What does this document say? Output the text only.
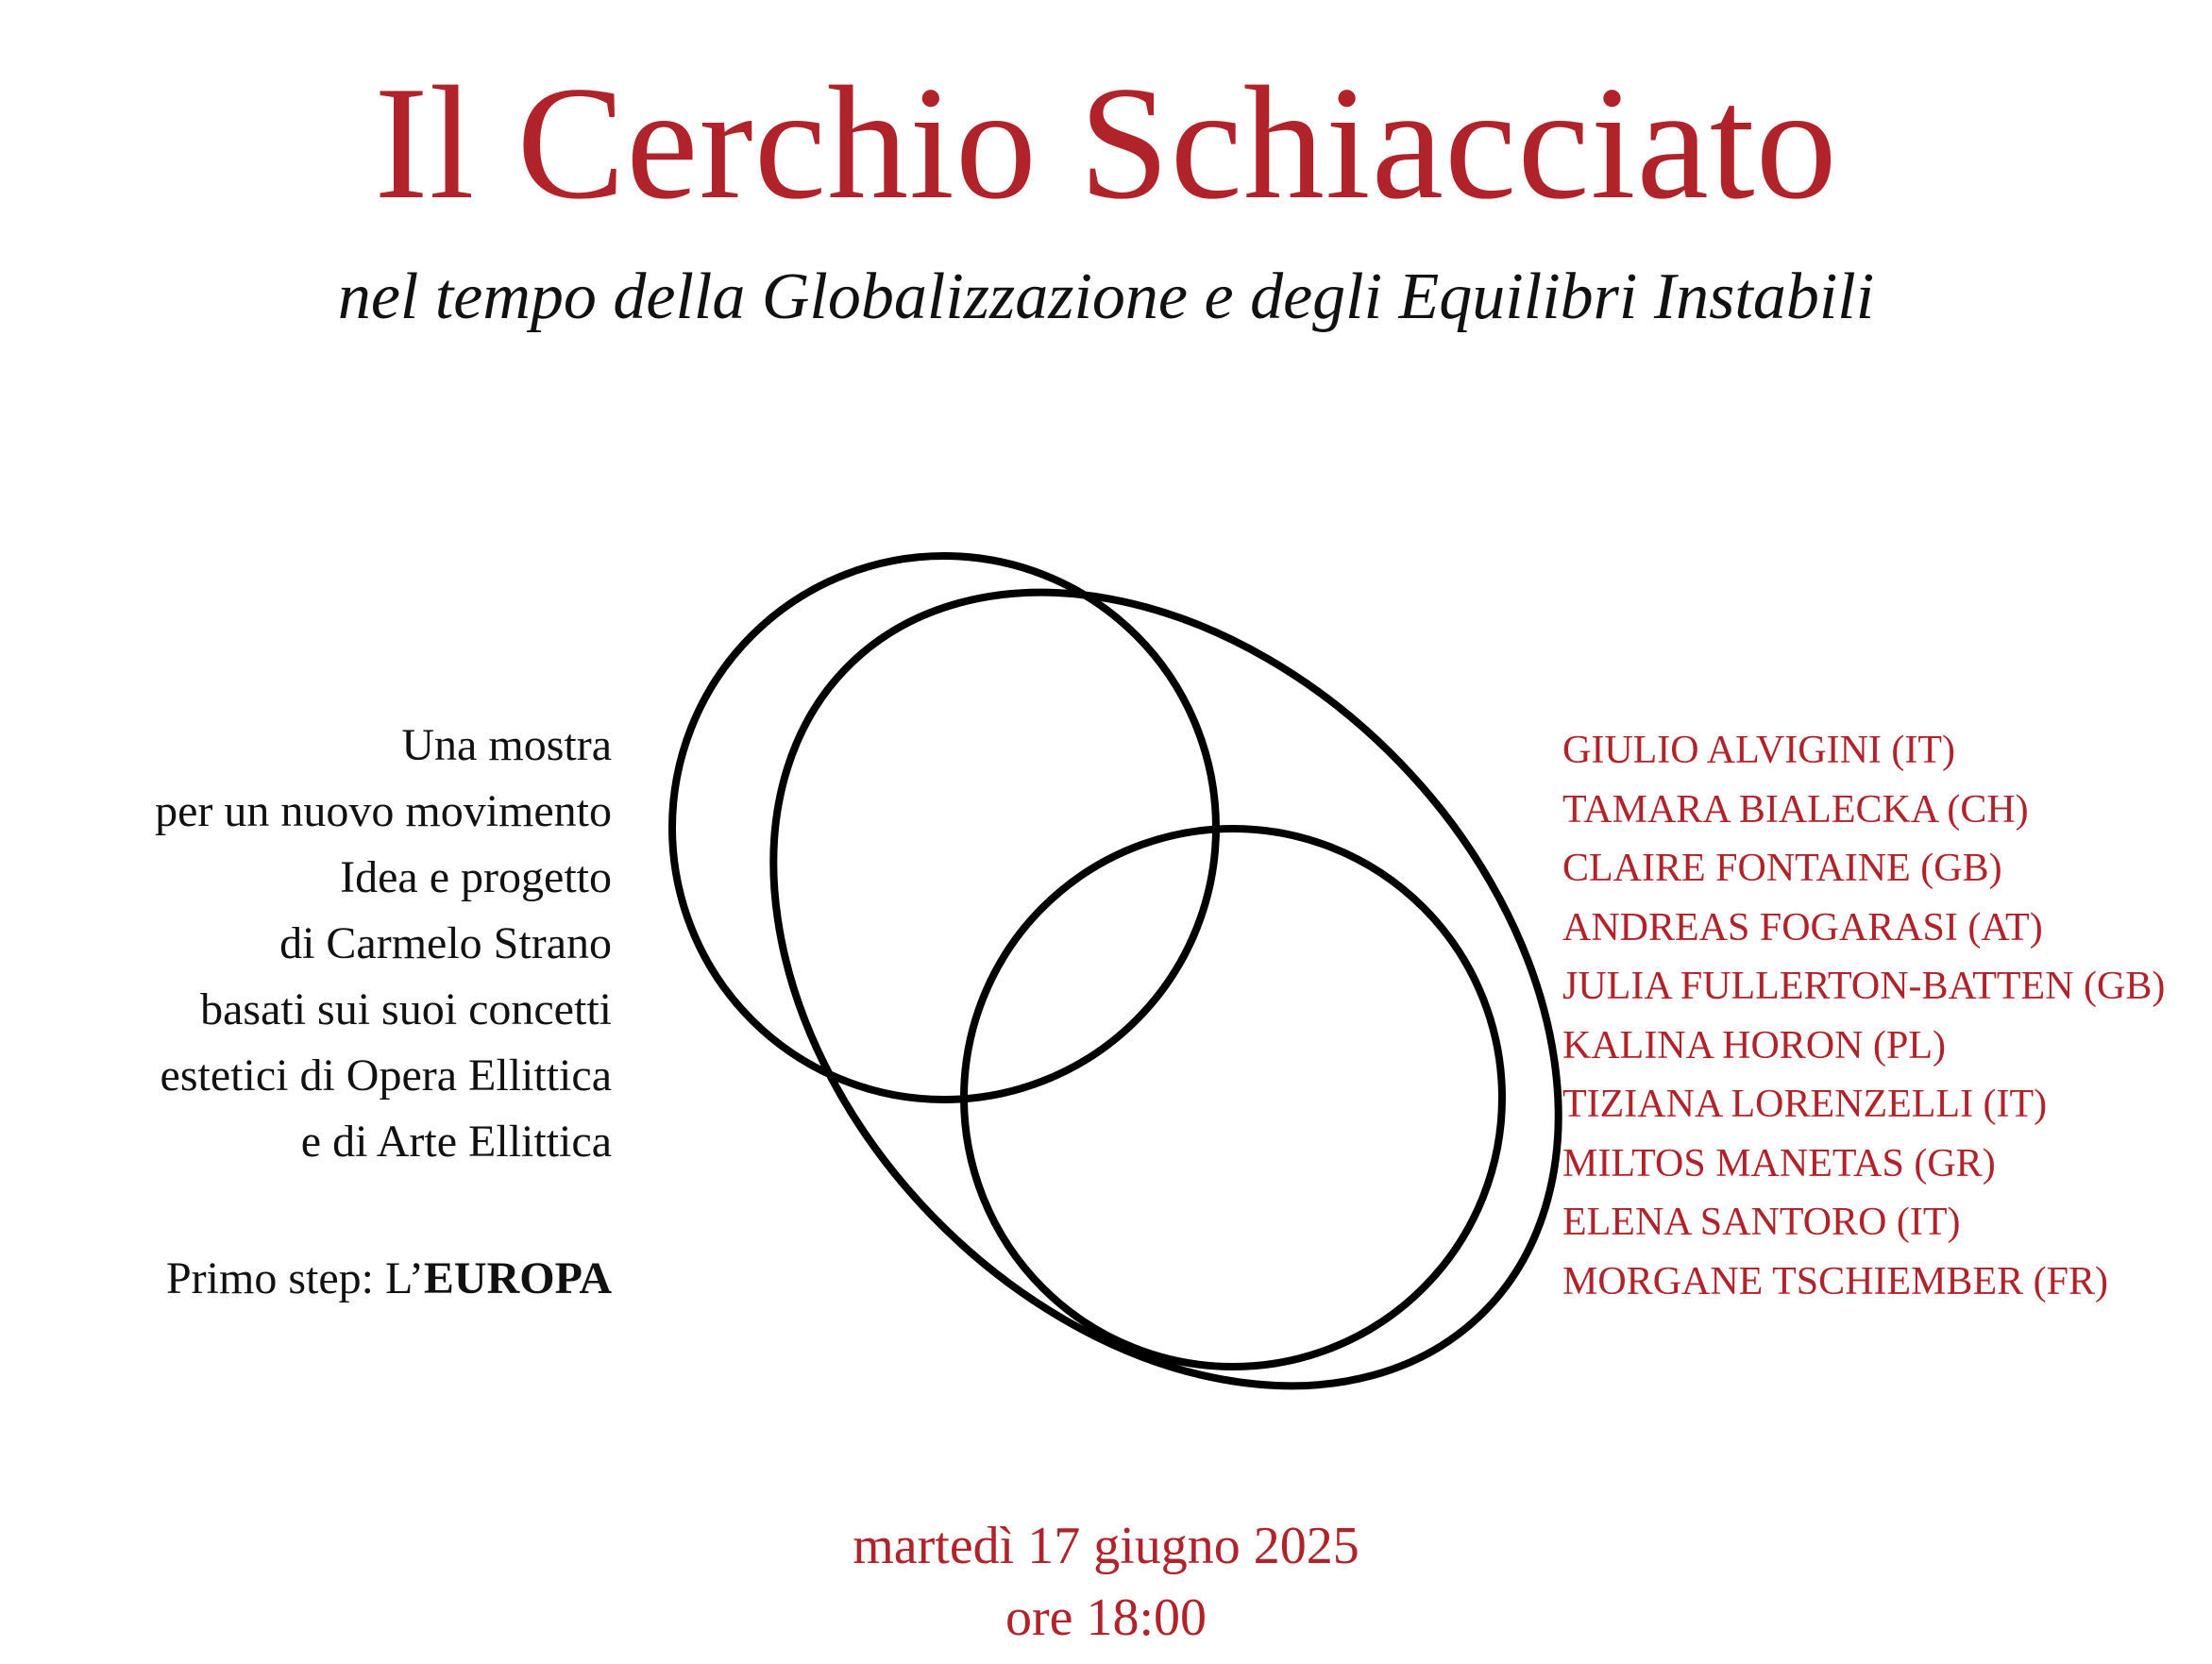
Il Cerchio Schiacciato
nel tempo della Globalizzazione e degli Equilibri Instabili
Una mostra
per un nuovo movimento
Idea e progetto
di Carmelo Strano
basati sui suoi concetti
estetici di Opera Ellittica
e di Arte Ellittica
Primo step: L’EUROPA
GIULIO ALVIGINI (IT)
TAMARA BIALECKA (CH)
CLAIRE FONTAINE (GB)
ANDREAS FOGARASI (AT)
JULIA FULLERTON-BATTEN (GB)
KALINA HORON (PL)
TIZIANA LORENZELLI (IT)
MILTOS MANETAS (GR)
ELENA SANTORO (IT)
MORGANE TSCHIEMBER (FR)
martedì 17 giugno 2025
ore 18:00
